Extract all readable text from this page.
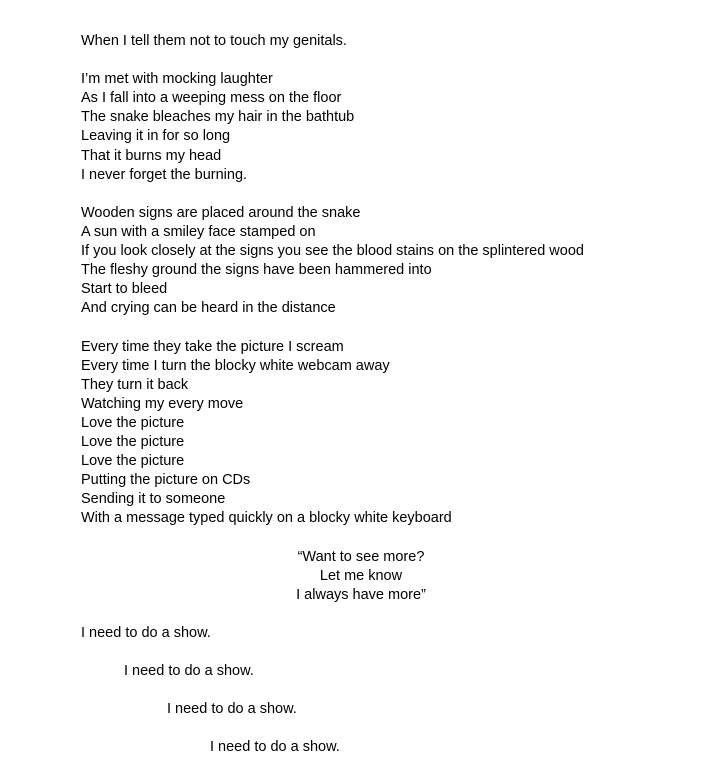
When I tell them not to touch my genitals.
I’m met with mocking laughter
As I fall into a weeping mess on the floor
The snake bleaches my hair in the bathtub
Leaving it in for so long
That it burns my head
I never forget the burning.
Wooden signs are placed around the snake
A sun with a smiley face stamped on
If you look closely at the signs you see the blood stains on the splintered wood
The fleshy ground the signs have been hammered into
Start to bleed
And crying can be heard in the distance
Every time they take the picture I scream
Every time I turn the blocky white webcam away
They turn it back
Watching my every move
Love the picture
Love the picture
Love the picture
Putting the picture on CDs
Sending it to someone
With a message typed quickly on a blocky white keyboard
“Want to see more?
Let me know
I always have more”
I need to do a show.
I need to do a show.
I need to do a show.
I need to do a show.
